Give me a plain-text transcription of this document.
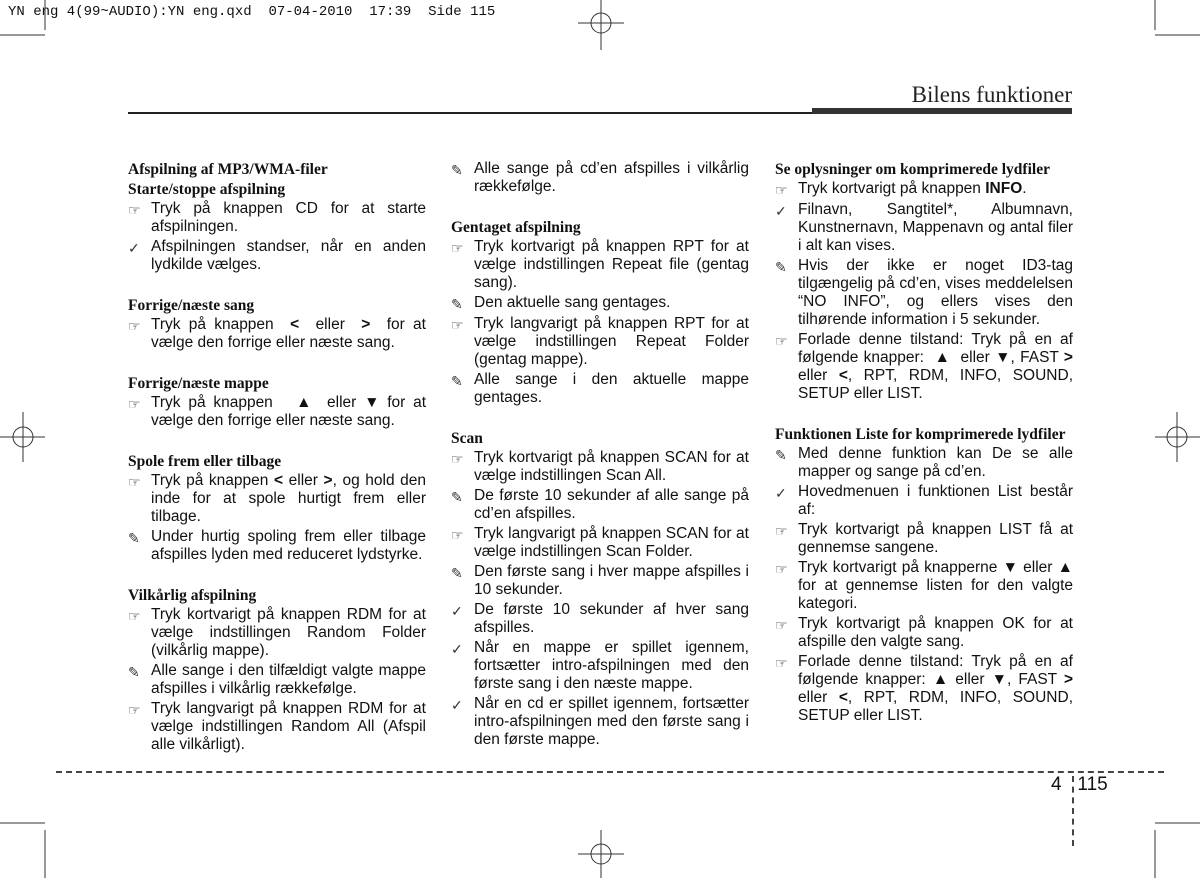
YN eng 4(99~AUDIO):YN eng.qxd  07-04-2010  17:39  Side 115
Bilens funktioner

Afspilning af MP3/WMA-filer

Starte/stoppe afspilning

☞ Tryk på knappen CD for at starte afspilningen.
✓ Afspilningen standser, når en anden lydkilde vælges.

Forrige/næste sang

☞ Tryk på knappen < eller > for at vælge den forrige eller næste sang.

Forrige/næste mappe

☞ Tryk på knappen ▲ eller ▼ for at vælge den forrige eller næste sang.

Spole frem eller tilbage

☞ Tryk på knappen < eller >, og hold den inde for at spole hurtigt frem eller tilbage.
✎ Under hurtig spoling frem eller tilbage afspilles lyden med reduceret lydstyrke.

Vilkårlig afspilning

☞ Tryk kortvarigt på knappen RDM for at vælge indstillingen Random Folder (vilkårlig mappe).
✎ Alle sange i den tilfældigt valgte mappe afspilles i vilkårlig rækkefølge.
☞ Tryk langvarigt på knappen RDM for at vælge indstillingen Random All (Afspil alle vilkårligt).
✎ Alle sange på cd’en afspilles i vilkårlig rækkefølge.

Gentaget afspilning

☞ Tryk kortvarigt på knappen RPT for at vælge indstillingen Repeat file (gentag sang).
✎ Den aktuelle sang gentages.
☞ Tryk langvarigt på knappen RPT for at vælge indstillingen Repeat Folder (gentag mappe).
✎ Alle sange i den aktuelle mappe gentages.

Scan

☞ Tryk kortvarigt på knappen SCAN for at vælge indstillingen Scan All.
✎ De første 10 sekunder af alle sange på cd’en afspilles.
☞ Tryk langvarigt på knappen SCAN for at vælge indstillingen Scan Folder.
✎ Den første sang i hver mappe afspilles i 10 sekunder.
✓ De første 10 sekunder af hver sang afspilles.
✓ Når en mappe er spillet igennem, fortsætter intro-afspilningen med den første sang i den næste mappe.
✓ Når en cd er spillet igennem, fortsætter intro-afspilningen med den første sang i den første mappe.

Se oplysninger om komprimerede lydfiler

☞ Tryk kortvarigt på knappen INFO.
✓ Filnavn, Sangtitel*, Albumnavn, Kunstnernavn, Mappenavn og antal filer i alt kan vises.
✎ Hvis der ikke er noget ID3-tag tilgængelig på cd’en, vises meddelelsen “NO INFO”, og ellers vises den tilhørende information i 5 sekunder.
☞ Forlade denne tilstand: Tryk på en af følgende knapper: ▲ eller ▼, FAST >eller <, RPT, RDM, INFO, SOUND, SETUP eller LIST.

Funktionen Liste for komprimerede lydfiler

✎ Med denne funktion kan De se alle mapper og sange på cd’en.
✓ Hovedmenuen i funktionen List består af:
☞ Tryk kortvarigt på knappen LIST få at gennemse sangene.
☞ Tryk kortvarigt på knapperne ▼ eller ▲ for at gennemse listen for den valgte kategori.
☞ Tryk kortvarigt på knappen OK for at afspille den valgte sang.
☞ Forlade denne tilstand: Tryk på en af følgende knapper: ▲ eller ▼, FAST >eller <, RPT, RDM, INFO, SOUND, SETUP eller LIST.
4 115
